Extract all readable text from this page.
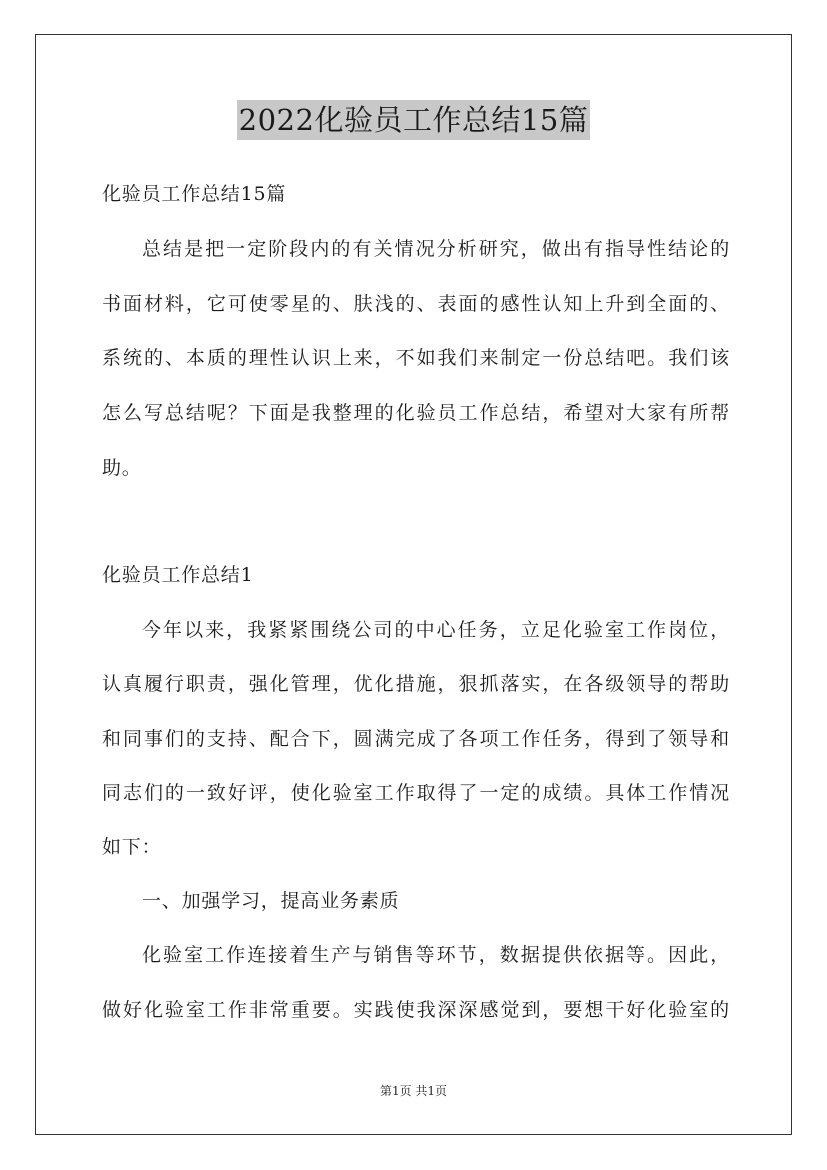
2022化验员工作总结15篇

化验员工作总结15篇

总结是把一定阶段内的有关情况分析研究，做出有指导性结论的

书面材料，它可使零星的、肤浅的、表面的感性认知上升到全面的、

系统的、本质的理性认识上来，不如我们来制定一份总结吧。我们该

怎么写总结呢？下面是我整理的化验员工作总结，希望对大家有所帮

助。

化验员工作总结1

今年以来，我紧紧围绕公司的中心任务，立足化验室工作岗位，

认真履行职责，强化管理，优化措施，狠抓落实，在各级领导的帮助

和同事们的支持、配合下，圆满完成了各项工作任务，得到了领导和

同志们的一致好评，使化验室工作取得了一定的成绩。具体工作情况

如下：

一、加强学习，提高业务素质

化验室工作连接着生产与销售等环节，数据提供依据等。因此，

做好化验室工作非常重要。实践使我深深感觉到，要想干好化验室的

第1页 共1页
